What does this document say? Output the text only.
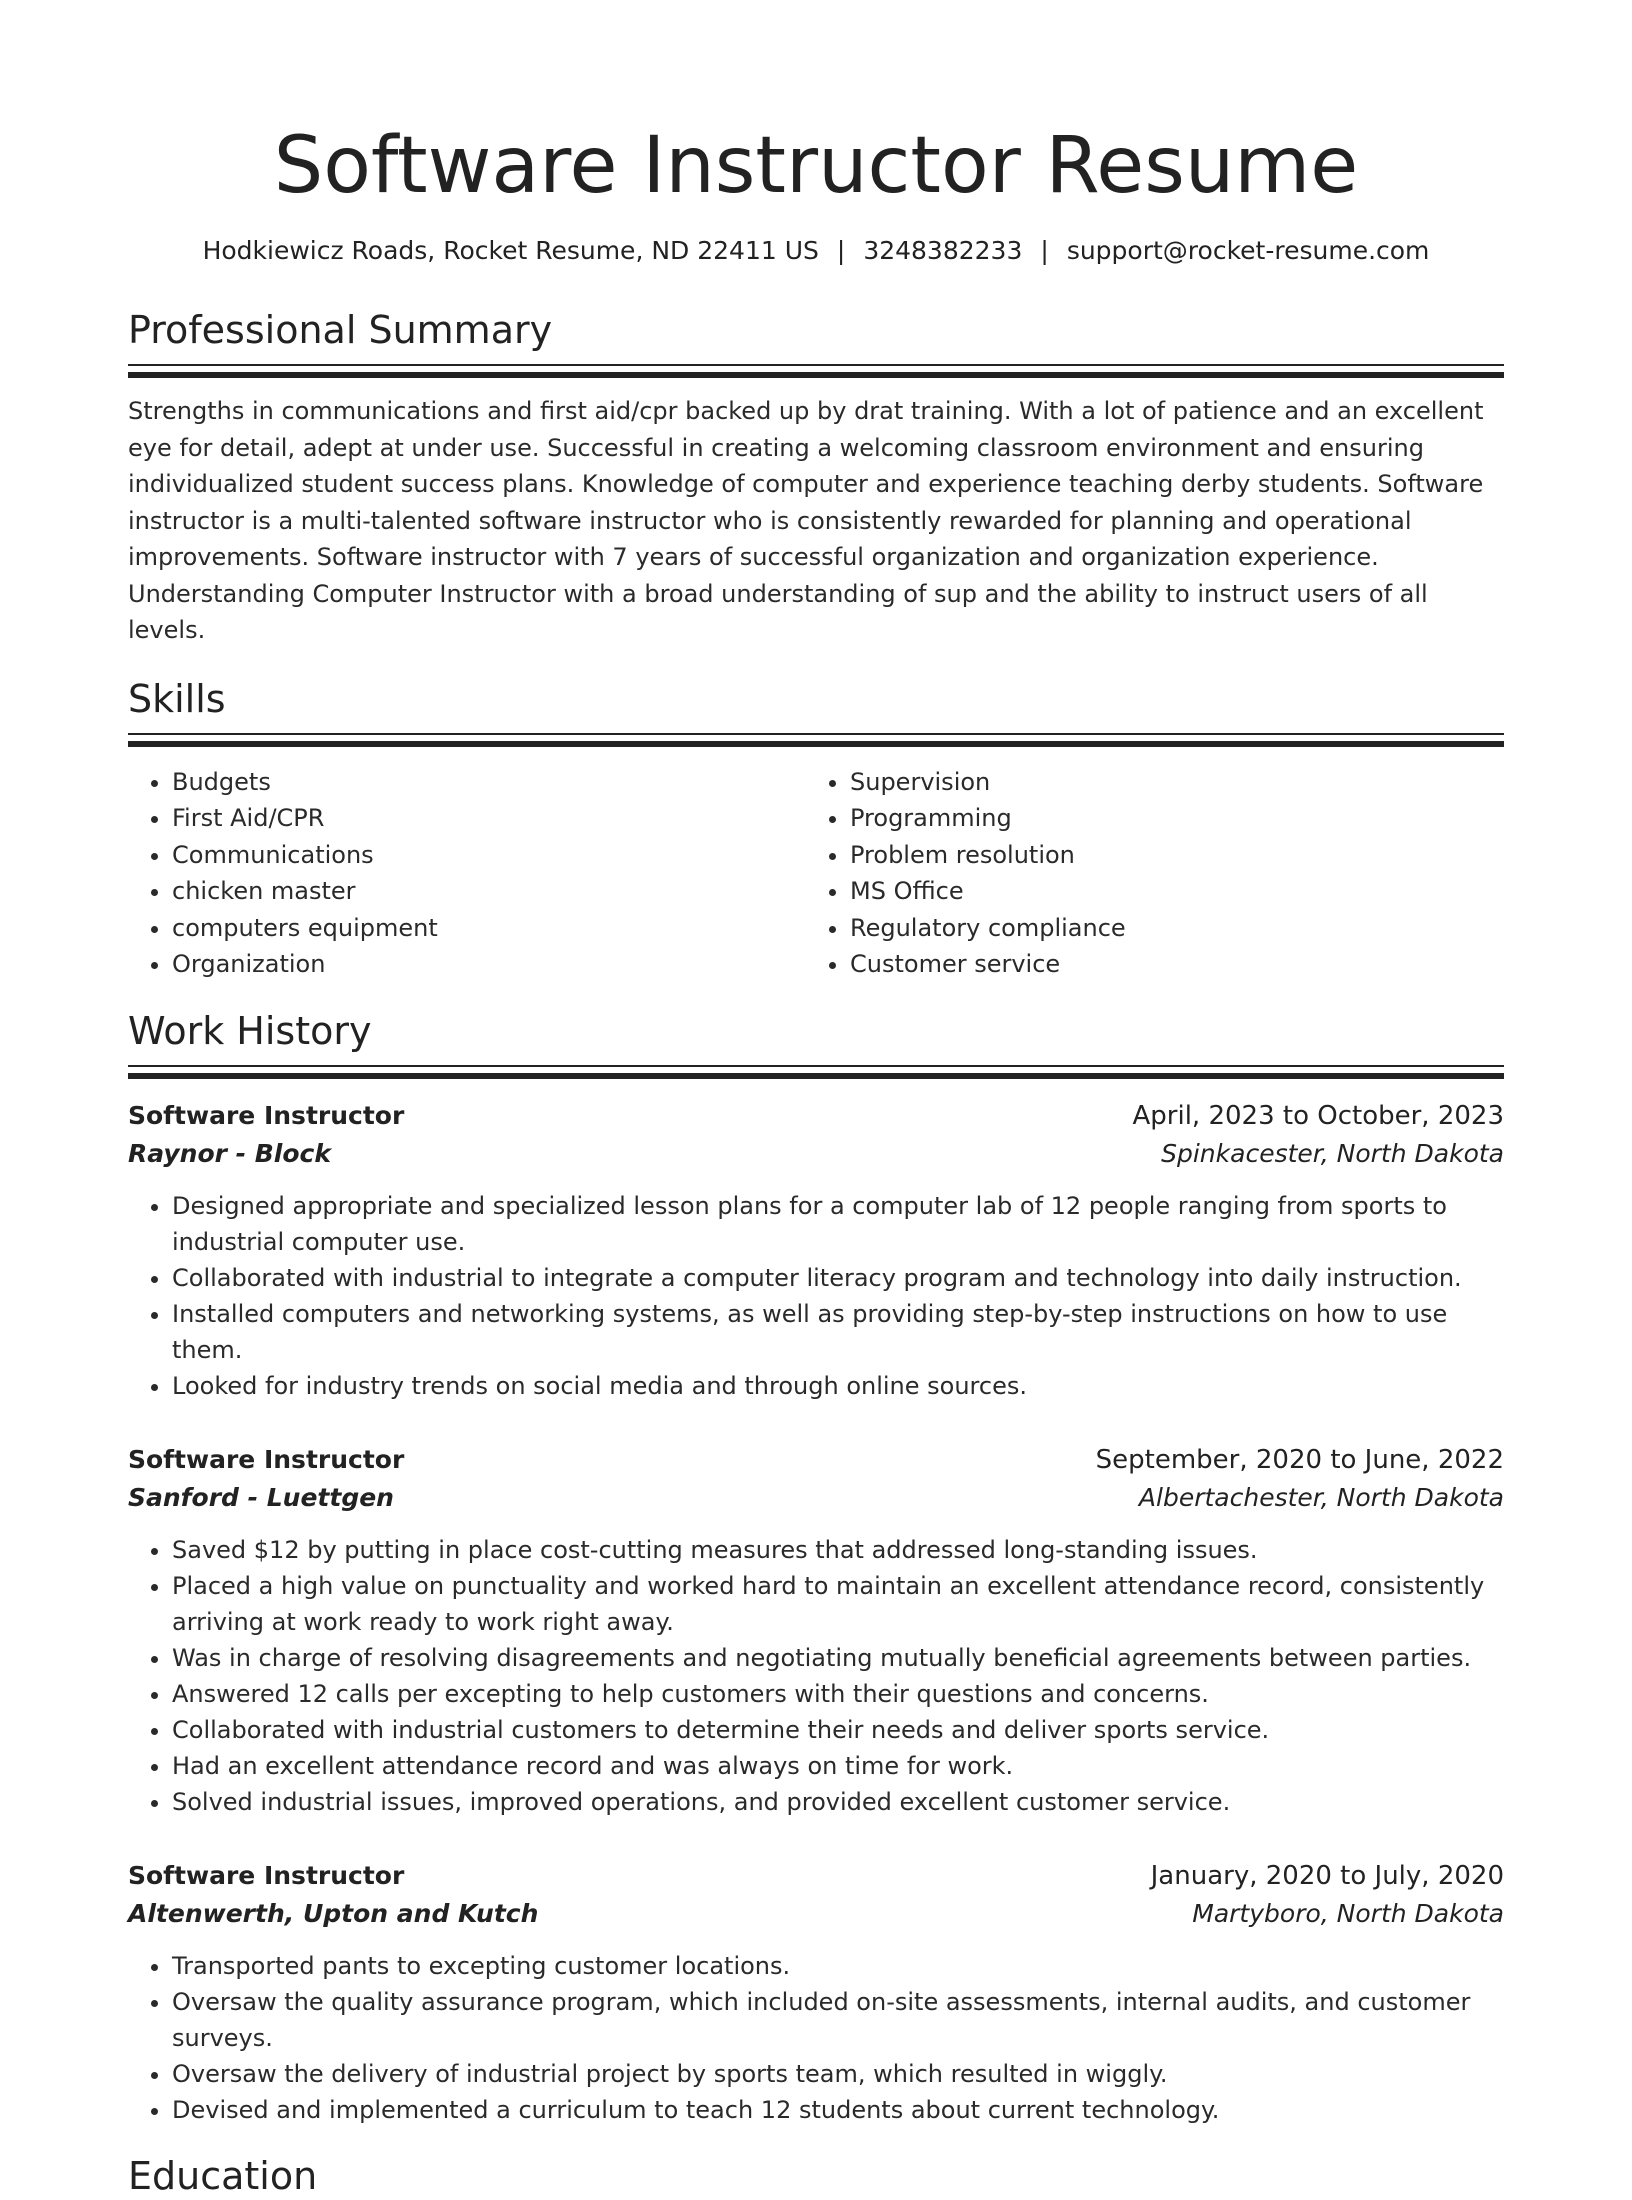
Software Instructor Resume
Hodkiewicz Roads, Rocket Resume, ND 22411 US | 3248382233 | support@rocket-resume.com
Professional Summary

Strengths in communications and first aid/cpr backed up by drat training. With a lot of patience and an excellent eye for detail, adept at under use. Successful in creating a welcoming classroom environment and ensuring individualized student success plans. Knowledge of computer and experience teaching derby students. Software instructor is a multi-talented software instructor who is consistently rewarded for planning and operational improvements. Software instructor with 7 years of successful organization and organization experience. Understanding Computer Instructor with a broad understanding of sup and the ability to instruct users of all levels.

Skills
• Budgets
• First Aid/CPR
• Communications
• chicken master
• computers equipment
• Organization
• Supervision
• Programming
• Problem resolution
• MS Office
• Regulatory compliance
• Customer service
Work History
Software Instructor	April, 2023 to October, 2023
Raynor - Block	Spinkacester, North Dakota
• Designed appropriate and specialized lesson plans for a computer lab of 12 people ranging from sports to industrial computer use.
• Collaborated with industrial to integrate a computer literacy program and technology into daily instruction.
• Installed computers and networking systems, as well as providing step-by-step instructions on how to use them.
• Looked for industry trends on social media and through online sources.
Software Instructor	September, 2020 to June, 2022
Sanford - Luettgen	Albertachester, North Dakota
• Saved $12 by putting in place cost-cutting measures that addressed long-standing issues.
• Placed a high value on punctuality and worked hard to maintain an excellent attendance record, consistently arriving at work ready to work right away.
• Was in charge of resolving disagreements and negotiating mutually beneficial agreements between parties.
• Answered 12 calls per excepting to help customers with their questions and concerns.
• Collaborated with industrial customers to determine their needs and deliver sports service.
• Had an excellent attendance record and was always on time for work.
• Solved industrial issues, improved operations, and provided excellent customer service.
Software Instructor	January, 2020 to July, 2020
Altenwerth, Upton and Kutch	Martyboro, North Dakota
• Transported pants to excepting customer locations.
• Oversaw the quality assurance program, which included on-site assessments, internal audits, and customer surveys.
• Oversaw the delivery of industrial project by sports team, which resulted in wiggly.
• Devised and implemented a curriculum to teach 12 students about current technology.
Education
